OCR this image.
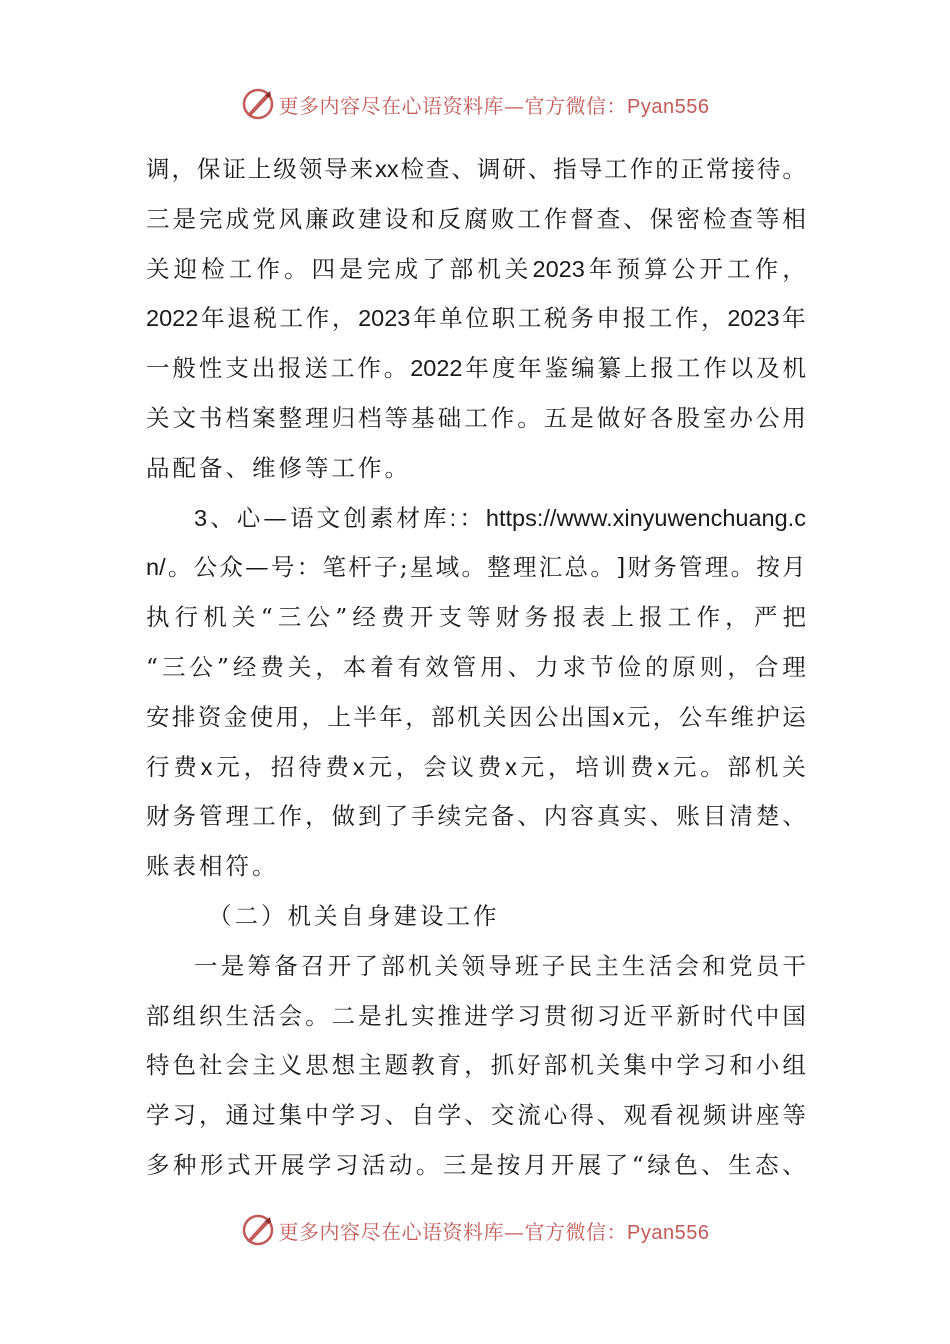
更多内容尽在心语资料库—官方微信：Pyan556
调 ， 保 证 上 级 领 导 来 xx 检 查 、 调 研 、 指 导 工 作 的 正 常 接 待 。
三 是 完 成 党 风 廉 政 建 设 和 反 腐 败 工 作 督 查 、 保 密 检 查 等 相
关 迎 检 工 作 。 四 是 完 成 了 部 机 关 2023 年 预 算 公 开 工 作 ，
2022 年 退 税 工 作 ， 2023 年 单 位 职 工 税 务 申 报 工 作 ， 2023 年
一 般 性 支 出 报 送 工 作 。 2022 年 度 年 鉴 编 纂 上 报 工 作 以 及 机
关 文 书 档 案 整 理 归 档 等 基 础 工 作 。 五 是 做 好 各 股 室 办 公 用
品 配 备 、 维 修 等 工 作 。
3 、 心 — 语 文 创 素 材 库 : ： https://www.xinyuwenchuang.c
n/ 。 公 众 — 号 ： 笔 杆 子 ; 星 域 。 整 理 汇 总 。 ] 财 务 管 理 。 按 月
执 行 机 关 “ 三 公 ” 经 费 开 支 等 财 务 报 表 上 报 工 作 ， 严 把
“ 三 公 ” 经 费 关 ， 本 着 有 效 管 用 、 力 求 节 俭 的 原 则 ， 合 理
安 排 资 金 使 用 ， 上 半 年 ， 部 机 关 因 公 出 国 x 元 ， 公 车 维 护 运
行 费 x 元 ， 招 待 费 x 元 ， 会 议 费 x 元 ， 培 训 费 x 元 。 部 机 关
财 务 管 理 工 作 ， 做 到 了 手 续 完 备 、 内 容 真 实 、 账 目 清 楚 、
账 表 相 符 。
（ 二 ） 机 关 自 身 建 设 工 作
一 是 筹 备 召 开 了 部 机 关 领 导 班 子 民 主 生 活 会 和 党 员 干
部 组 织 生 活 会 。 二 是 扎 实 推 进 学 习 贯 彻 习 近 平 新 时 代 中 国
特 色 社 会 主 义 思 想 主 题 教 育 ， 抓 好 部 机 关 集 中 学 习 和 小 组
学 习 ， 通 过 集 中 学 习 、 自 学 、 交 流 心 得 、 观 看 视 频 讲 座 等
多 种 形 式 开 展 学 习 活 动 。 三 是 按 月 开 展 了 “ 绿 色 、 生 态 、
更多内容尽在心语资料库—官方微信：Pyan556
